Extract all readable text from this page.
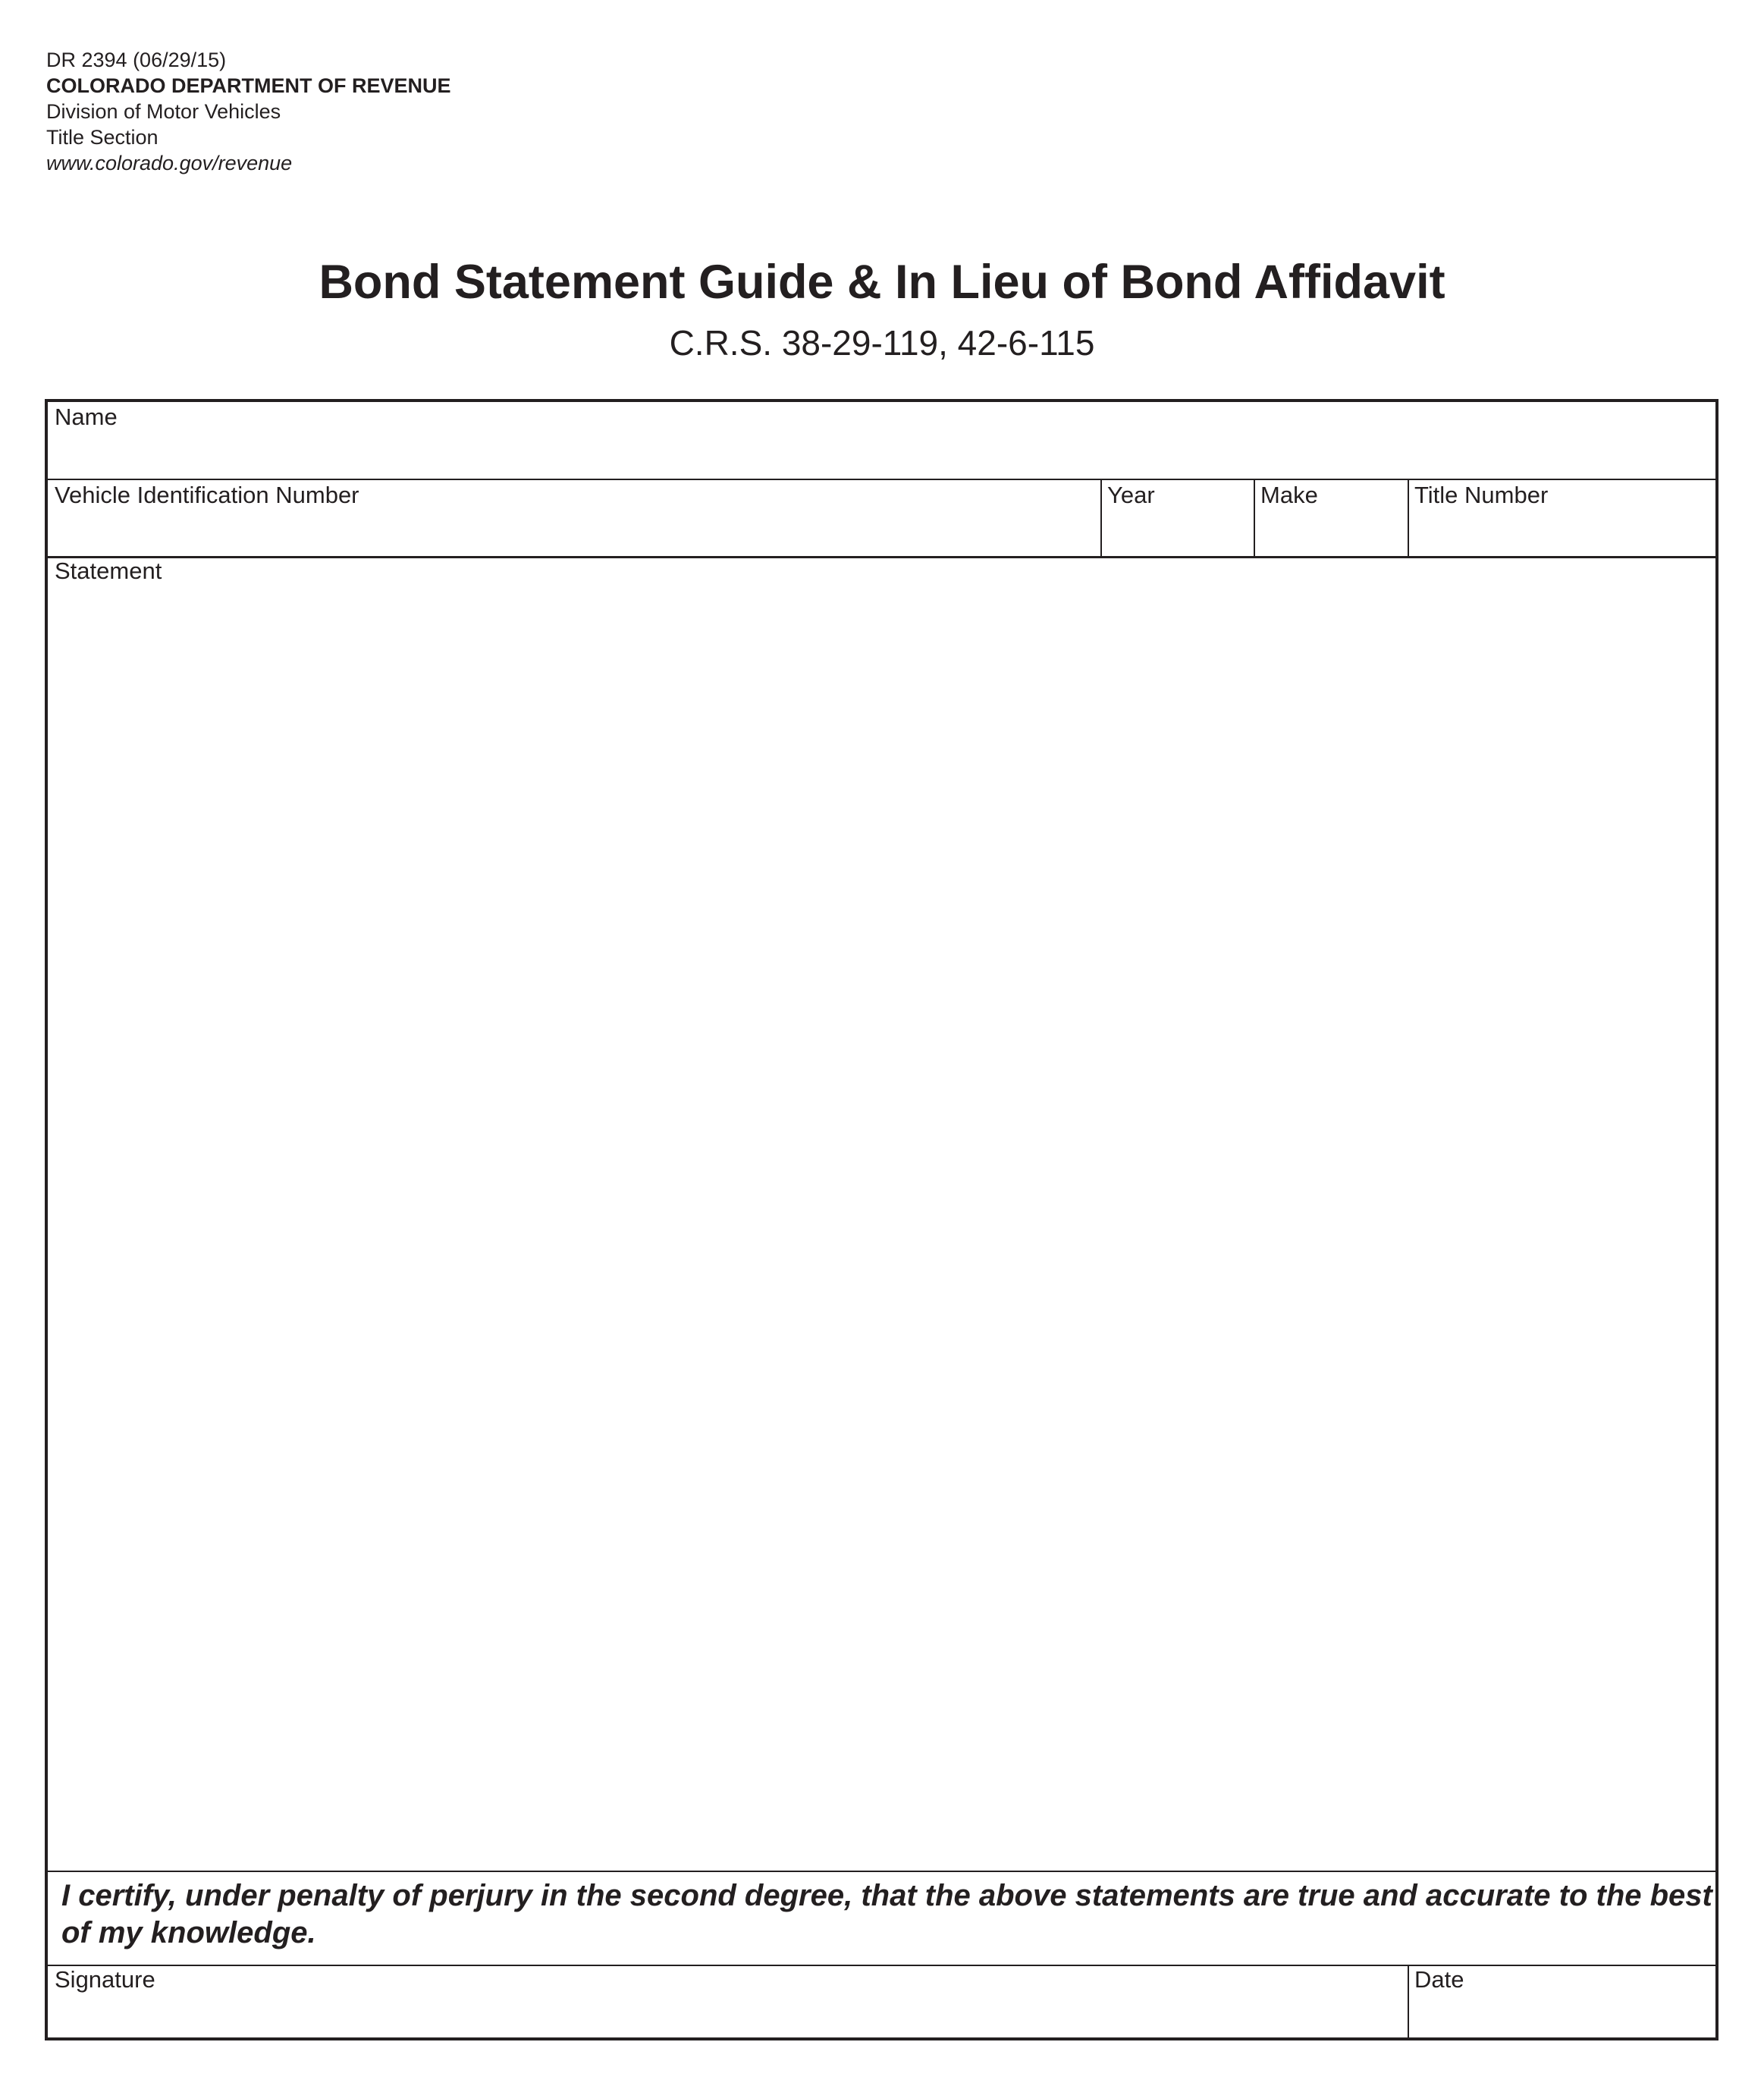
DR 2394 (06/29/15)
COLORADO DEPARTMENT OF REVENUE
Division of Motor Vehicles
Title Section
www.colorado.gov/revenue
Bond Statement Guide & In Lieu of Bond Affidavit
C.R.S. 38-29-119, 42-6-115
Name
Vehicle Identification Number	Year	Make	Title Number
Statement
I certify, under penalty of perjury in the second degree, that the above statements are true and accurate to the best of my knowledge.
Signature	Date
